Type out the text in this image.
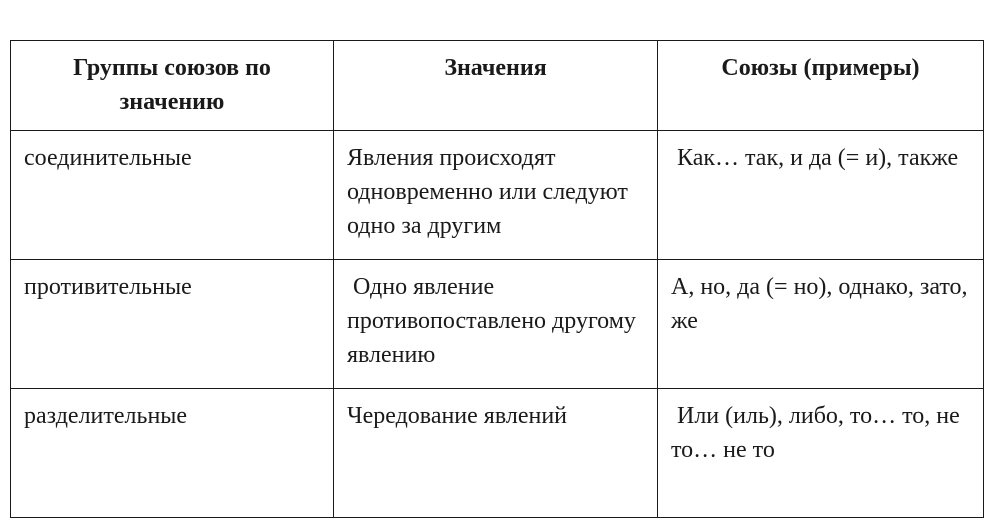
Группы союзов по значению	Значения	Союзы (примеры)
соединительные	Явления происходят одновременно или следуют одно за другим	Как… так, и да (= и), также
противительные	Одно явление противопоставлено другому явлению	А, но, да (= но), однако, зато, же
разделительные	Чередование явлений	Или (иль), либо, то… то, не то… не то
